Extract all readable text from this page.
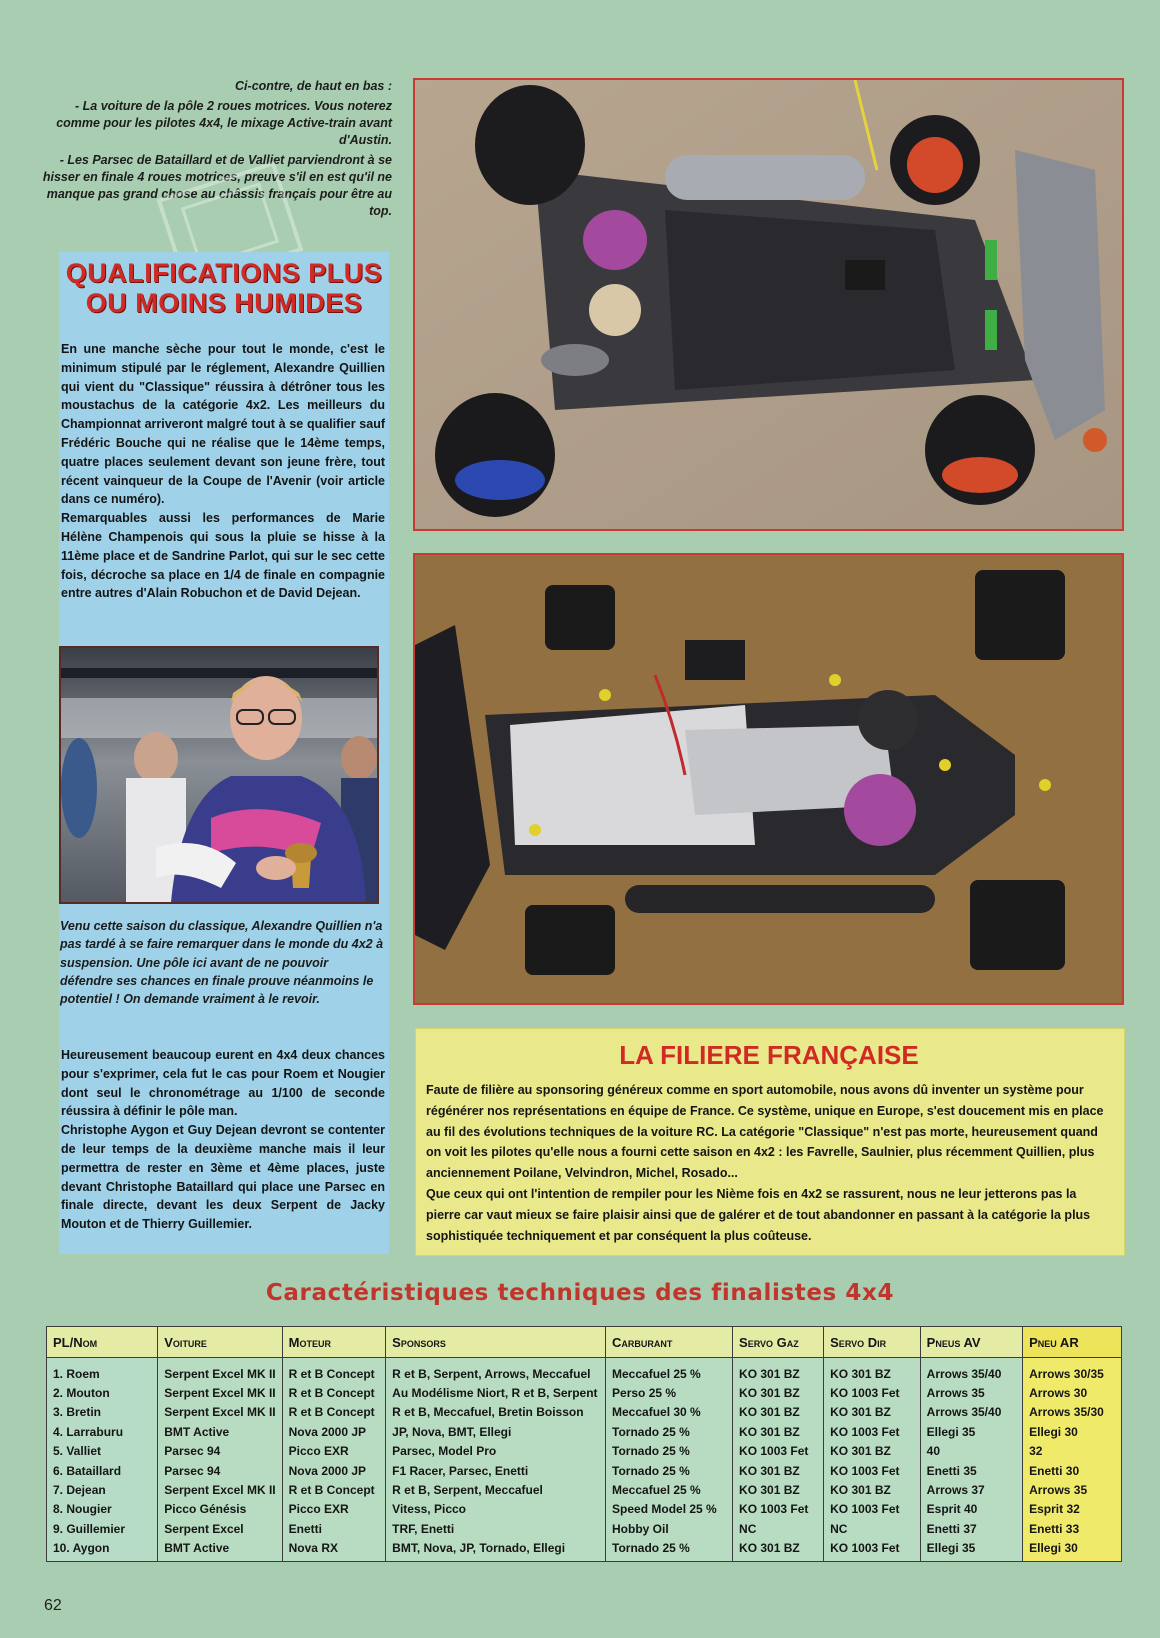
Ci-contre, de haut en bas :

- La voiture de la pôle 2 roues motrices. Vous noterez comme pour les pilotes 4x4, le mixage Active-train avant d'Austin.

- Les Parsec de Bataillard et de Valliet parviendront à se hisser en finale 4 roues motrices, preuve s'il en est qu'il ne manque pas grand chose au châssis français pour être au top.

QUALIFICATIONS PLUS
OU MOINS HUMIDES

En une manche sèche pour tout le monde, c'est le minimum stipulé par le réglement, Alexandre Quillien qui vient du "Classique" réussira à détrôner tous les moustachus de la catégorie 4x2. Les meilleurs du Championnat arriveront malgré tout à se qualifier sauf Frédéric Bouche qui ne réalise que le 14ème temps, quatre places seulement devant son jeune frère, tout récent vainqueur de la Coupe de l'Avenir (voir article dans ce numéro).

Remarquables aussi les performances de Marie Hélène Champenois qui sous la pluie se hisse à la 11ème place et de Sandrine Parlot, qui sur le sec cette fois, décroche sa place en 1/4 de finale en compagnie entre autres d'Alain Robuchon et de David Dejean.

Venu cette saison du classique, Alexandre Quillien n'a pas tardé à se faire remarquer dans le monde du 4x2 à suspension. Une pôle ici avant de ne pouvoir défendre ses chances en finale prouve néanmoins le potentiel ! On demande vraiment à le revoir.

Heureusement beaucoup eurent en 4x4 deux chances pour s'exprimer, cela fut le cas pour Roem et Nougier dont seul le chronométrage au 1/100 de seconde réussira à définir le pôle man.

Christophe Aygon et Guy Dejean devront se contenter de leur temps de la deuxième manche mais il leur permettra de rester en 3ème et 4ème places, juste devant Christophe Bataillard qui place une Parsec en finale directe, devant les deux Serpent de Jacky Mouton et de Thierry Guillemier.

LA FILIERE FRANÇAISE

Faute de filière au sponsoring généreux comme en sport automobile, nous avons dû inventer un système pour régénérer nos représentations en équipe de France. Ce système, unique en Europe, s'est doucement mis en place au fil des évolutions techniques de la voiture RC. La catégorie "Classique" n'est pas morte, heureusement quand on voit les pilotes qu'elle nous a fourni cette saison en 4x2 : les Favrelle, Saulnier, plus récemment Quillien, plus anciennement Poilane, Velvindron, Michel, Rosado...

Que ceux qui ont l'intention de rempiler pour les Nième fois en 4x2 se rassurent, nous ne leur jetterons pas la pierre car vaut mieux se faire plaisir ainsi que de galérer et de tout abandonner en passant à la catégorie la plus sophistiquée techniquement et par conséquent la plus coûteuse.

Caractéristiques techniques des finalistes 4x4
PL/Nom	Voiture	Moteur	Sponsors	Carburant	Servo Gaz	Servo Dir	Pneus AV	Pneu AR
1. Roem	Serpent Excel MK II	R et B Concept	R et B, Serpent, Arrows, Meccafuel	Meccafuel 25 %	KO 301 BZ	KO 301 BZ	Arrows 35/40	Arrows 30/35
2. Mouton	Serpent Excel MK II	R et B Concept	Au Modélisme Niort, R et B, Serpent	Perso 25 %	KO 301 BZ	KO 1003 Fet	Arrows 35	Arrows 30
3. Bretin	Serpent Excel MK II	R et B Concept	R et B, Meccafuel, Bretin Boisson	Meccafuel 30 %	KO 301 BZ	KO 301 BZ	Arrows 35/40	Arrows 35/30
4. Larraburu	BMT Active	Nova 2000 JP	JP, Nova, BMT, Ellegi	Tornado 25 %	KO 301 BZ	KO 1003 Fet	Ellegi 35	Ellegi 30
5. Valliet	Parsec 94	Picco EXR	Parsec, Model Pro	Tornado 25 %	KO 1003 Fet	KO 301 BZ	40	32
6. Bataillard	Parsec 94	Nova 2000 JP	F1 Racer, Parsec, Enetti	Tornado 25 %	KO 301 BZ	KO 1003 Fet	Enetti 35	Enetti 30
7. Dejean	Serpent Excel MK II	R et B Concept	R et B, Serpent, Meccafuel	Meccafuel 25 %	KO 301 BZ	KO 301 BZ	Arrows 37	Arrows 35
8. Nougier	Picco Génésis	Picco EXR	Vitess, Picco	Speed Model 25 %	KO 1003 Fet	KO 1003 Fet	Esprit 40	Esprit 32
9. Guillemier	Serpent Excel	Enetti	TRF, Enetti	Hobby Oil	NC	NC	Enetti 37	Enetti 33
10. Aygon	BMT Active	Nova RX	BMT, Nova, JP, Tornado, Ellegi	Tornado 25 %	KO 301 BZ	KO 1003 Fet	Ellegi 35	Ellegi 30
62
